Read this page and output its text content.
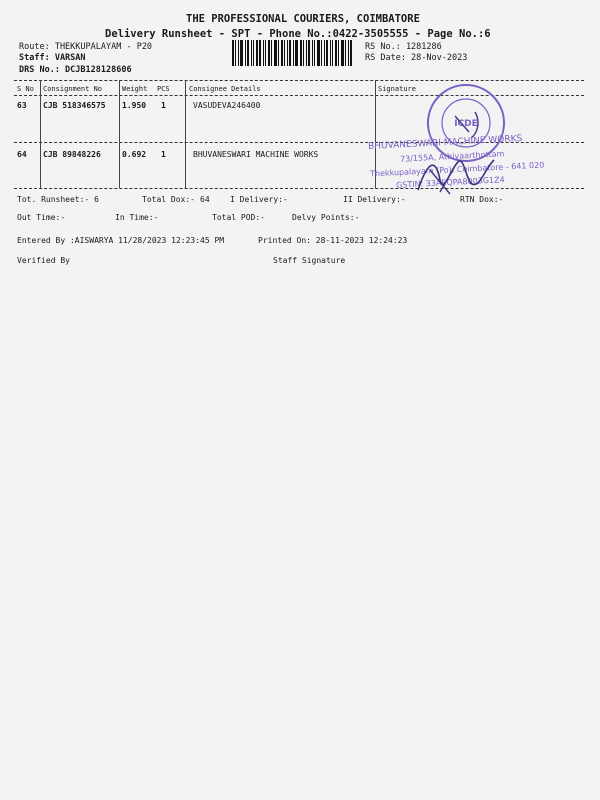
THE PROFESSIONAL COURIERS, COIMBATORE
Delivery Runsheet - SPT - Phone No.:0422-3505555 - Page No.:6
Route: THEKKUPALAYAM - P20
Staff: VARSAN
DRS No.: DCJB128128606
RS No.: 1281286
RS Date: 28-Nov-2023
S No Consignment No	Weight PCS	Consignee Details	Signature
63 CJB 518346575 1.950 1	VASUDEVA246400
64 CJB 89848226	0.692 1	BHUVANESWARI MACHINE WORKS
ICDE
BHUVANESWARI MACHINE WORKS
73/155A, Athiyaarthottam
Thekkupalayam (Po), Coimbatore - 641 020
GSTIN: 33AEQPA8003G1Z4
Tot. Runsheet:- 6	Total Dox:- 64	I Delivery:-	II Delivery:-	RTN Dox:-
Out Time:-	In Time:-	Total POD:-	Delvy Points:-
Entered By :AISWARYA 11/28/2023 12:23:45 PM	Printed On: 28-11-2023 12:24:23
Verified By	Staff Signature
